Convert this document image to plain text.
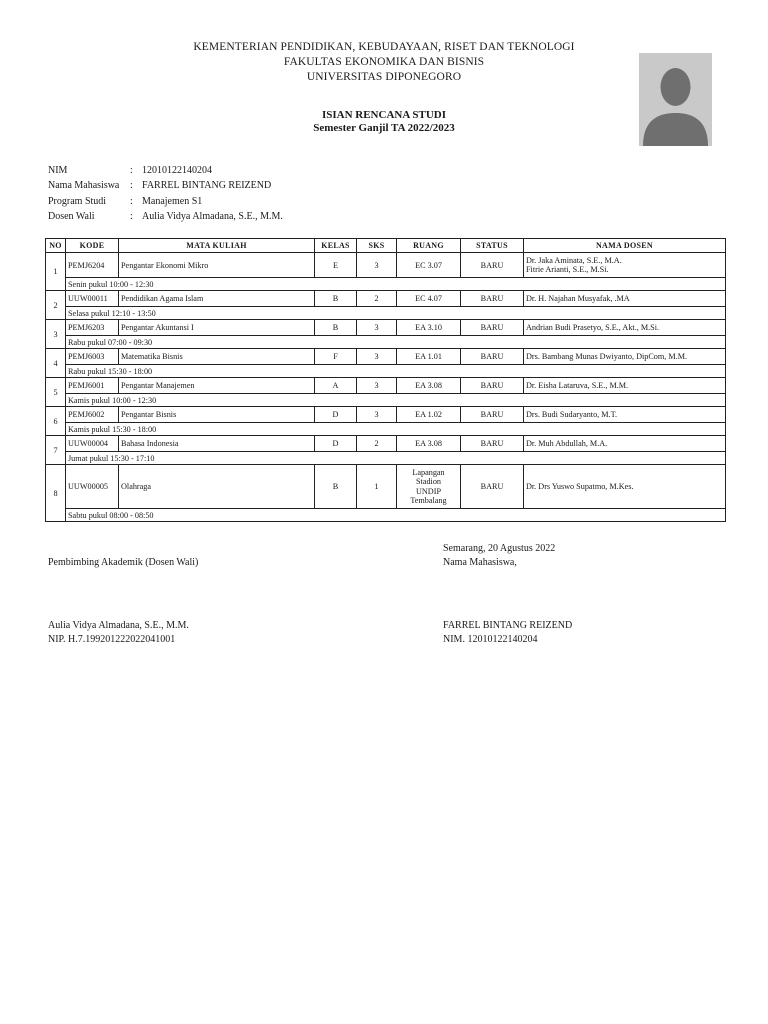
KEMENTERIAN PENDIDIKAN, KEBUDAYAAN, RISET DAN TEKNOLOGI
FAKULTAS EKONOMIKA DAN BISNIS
UNIVERSITAS DIPONEGORO
ISIAN RENCANA STUDI
Semester Ganjil TA 2022/2023
NIM	: 12010122140204
Nama Mahasiswa	: FARREL BINTANG REIZEND
Program Studi	: Manajemen S1
Dosen Wali	: Aulia Vidya Almadana, S.E., M.M.
NO	KODE	MATA KULIAH	KELAS	SKS	RUANG	STATUS	NAMA DOSEN
1	PEMJ6204	Pengantar Ekonomi Mikro	E	3	EC 3.07	BARU	Dr. Jaka Aminata, S.E., M.A.
Fitrie Arianti, S.E., M.Si.

	Senin pukul 10:00 - 12:30						
2	UUW00011	Pendidikan Agama Islam	B	2	EC 4.07	BARU	Dr. H. Najahan Musyafak, .MA
	Selasa pukul 12:10 - 13:50						
3	PEMJ6203	Pengantar Akuntansi I	B	3	EA 3.10	BARU	Andrian Budi Prasetyo, S.E., Akt., M.Si.
	Rabu pukul 07:00 - 09:30						
4	PEMJ6003	Matematika Bisnis	F	3	EA 1.01	BARU	Drs. Bambang Munas Dwiyanto, DipCom, M.M.
	Rabu pukul 15:30 - 18:00						
5	PEMJ6001	Pengantar Manajemen	A	3	EA 3.08	BARU	Dr. Eisha Lataruva, S.E., M.M.
	Kamis pukul 10:00 - 12:30						
6	PEMJ6002	Pengantar Bisnis	D	3	EA 1.02	BARU	Drs. Budi Sudaryanto, M.T.
	Kamis pukul 15:30 - 18:00						
7	UUW00004	Bahasa Indonesia	D	2	EA 3.08	BARU	Dr. Muh Abdullah, M.A.
	Jumat pukul 15:30 - 17:10						
8	UUW00005	Olahraga	B	1	Lapangan
Stadion
UNDIP
Tembalang	BARU	Dr. Drs Yuswo Supatmo, M.Kes.
	Sabtu pukul 08:00 - 08:50						
Pembimbing Akademik (Dosen Wali)
Semarang, 20 Agustus 2022
Nama Mahasiswa,
Aulia Vidya Almadana, S.E., M.M.
NIP. H.7.199201222022041001
FARREL BINTANG REIZEND
NIM. 12010122140204
